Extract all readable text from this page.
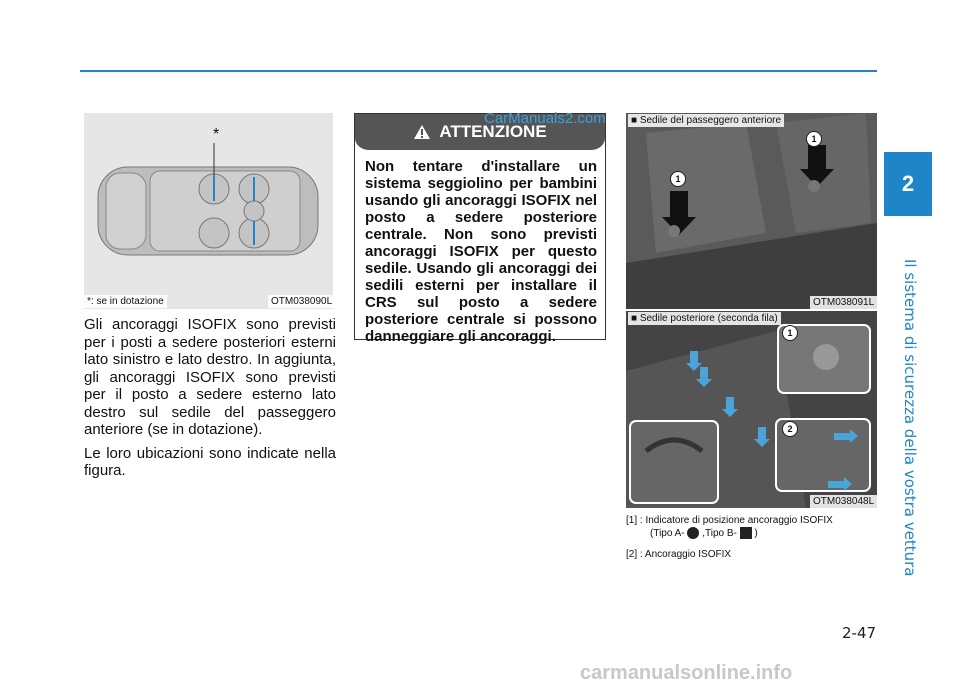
2
Il sistema di sicurezza della vostra vettura
*
*: se in dotazione	OTM038090L

Gli ancoraggi ISOFIX sono previsti per i posti a sedere posteriori esterni lato sinistro e lato destro. In aggiunta, gli ancoraggi ISOFIX sono previsti per il posto a sedere esterno lato destro sul sedile del passeggero anteriore (se in dotazione).

Le loro ubicazioni sono indicate nella figura.

ATTENZIONE
Non tentare d'installare un sistema seggiolino per bambini usando gli ancoraggi ISOFIX nel posto a sedere posteriore centrale. Non sono previsti ancoraggi ISOFIX per questo sedile. Usando gli ancoraggi dei sedili esterni per installare il CRS sul posto a sedere posteriore centrale si possono danneggiare gli ancoraggi.
CarManuals2.com
1
1
■ Sedile del passeggero anteriore
OTM038091L
1
2
■ Sedile posteriore (seconda fila)
OTM038048L
[1] : Indicatore di posizione ancoraggio ISOFIX
(Tipo A- ,Tipo B- )
[2] : Ancoraggio ISOFIX
2-47
carmanualsonline.info
